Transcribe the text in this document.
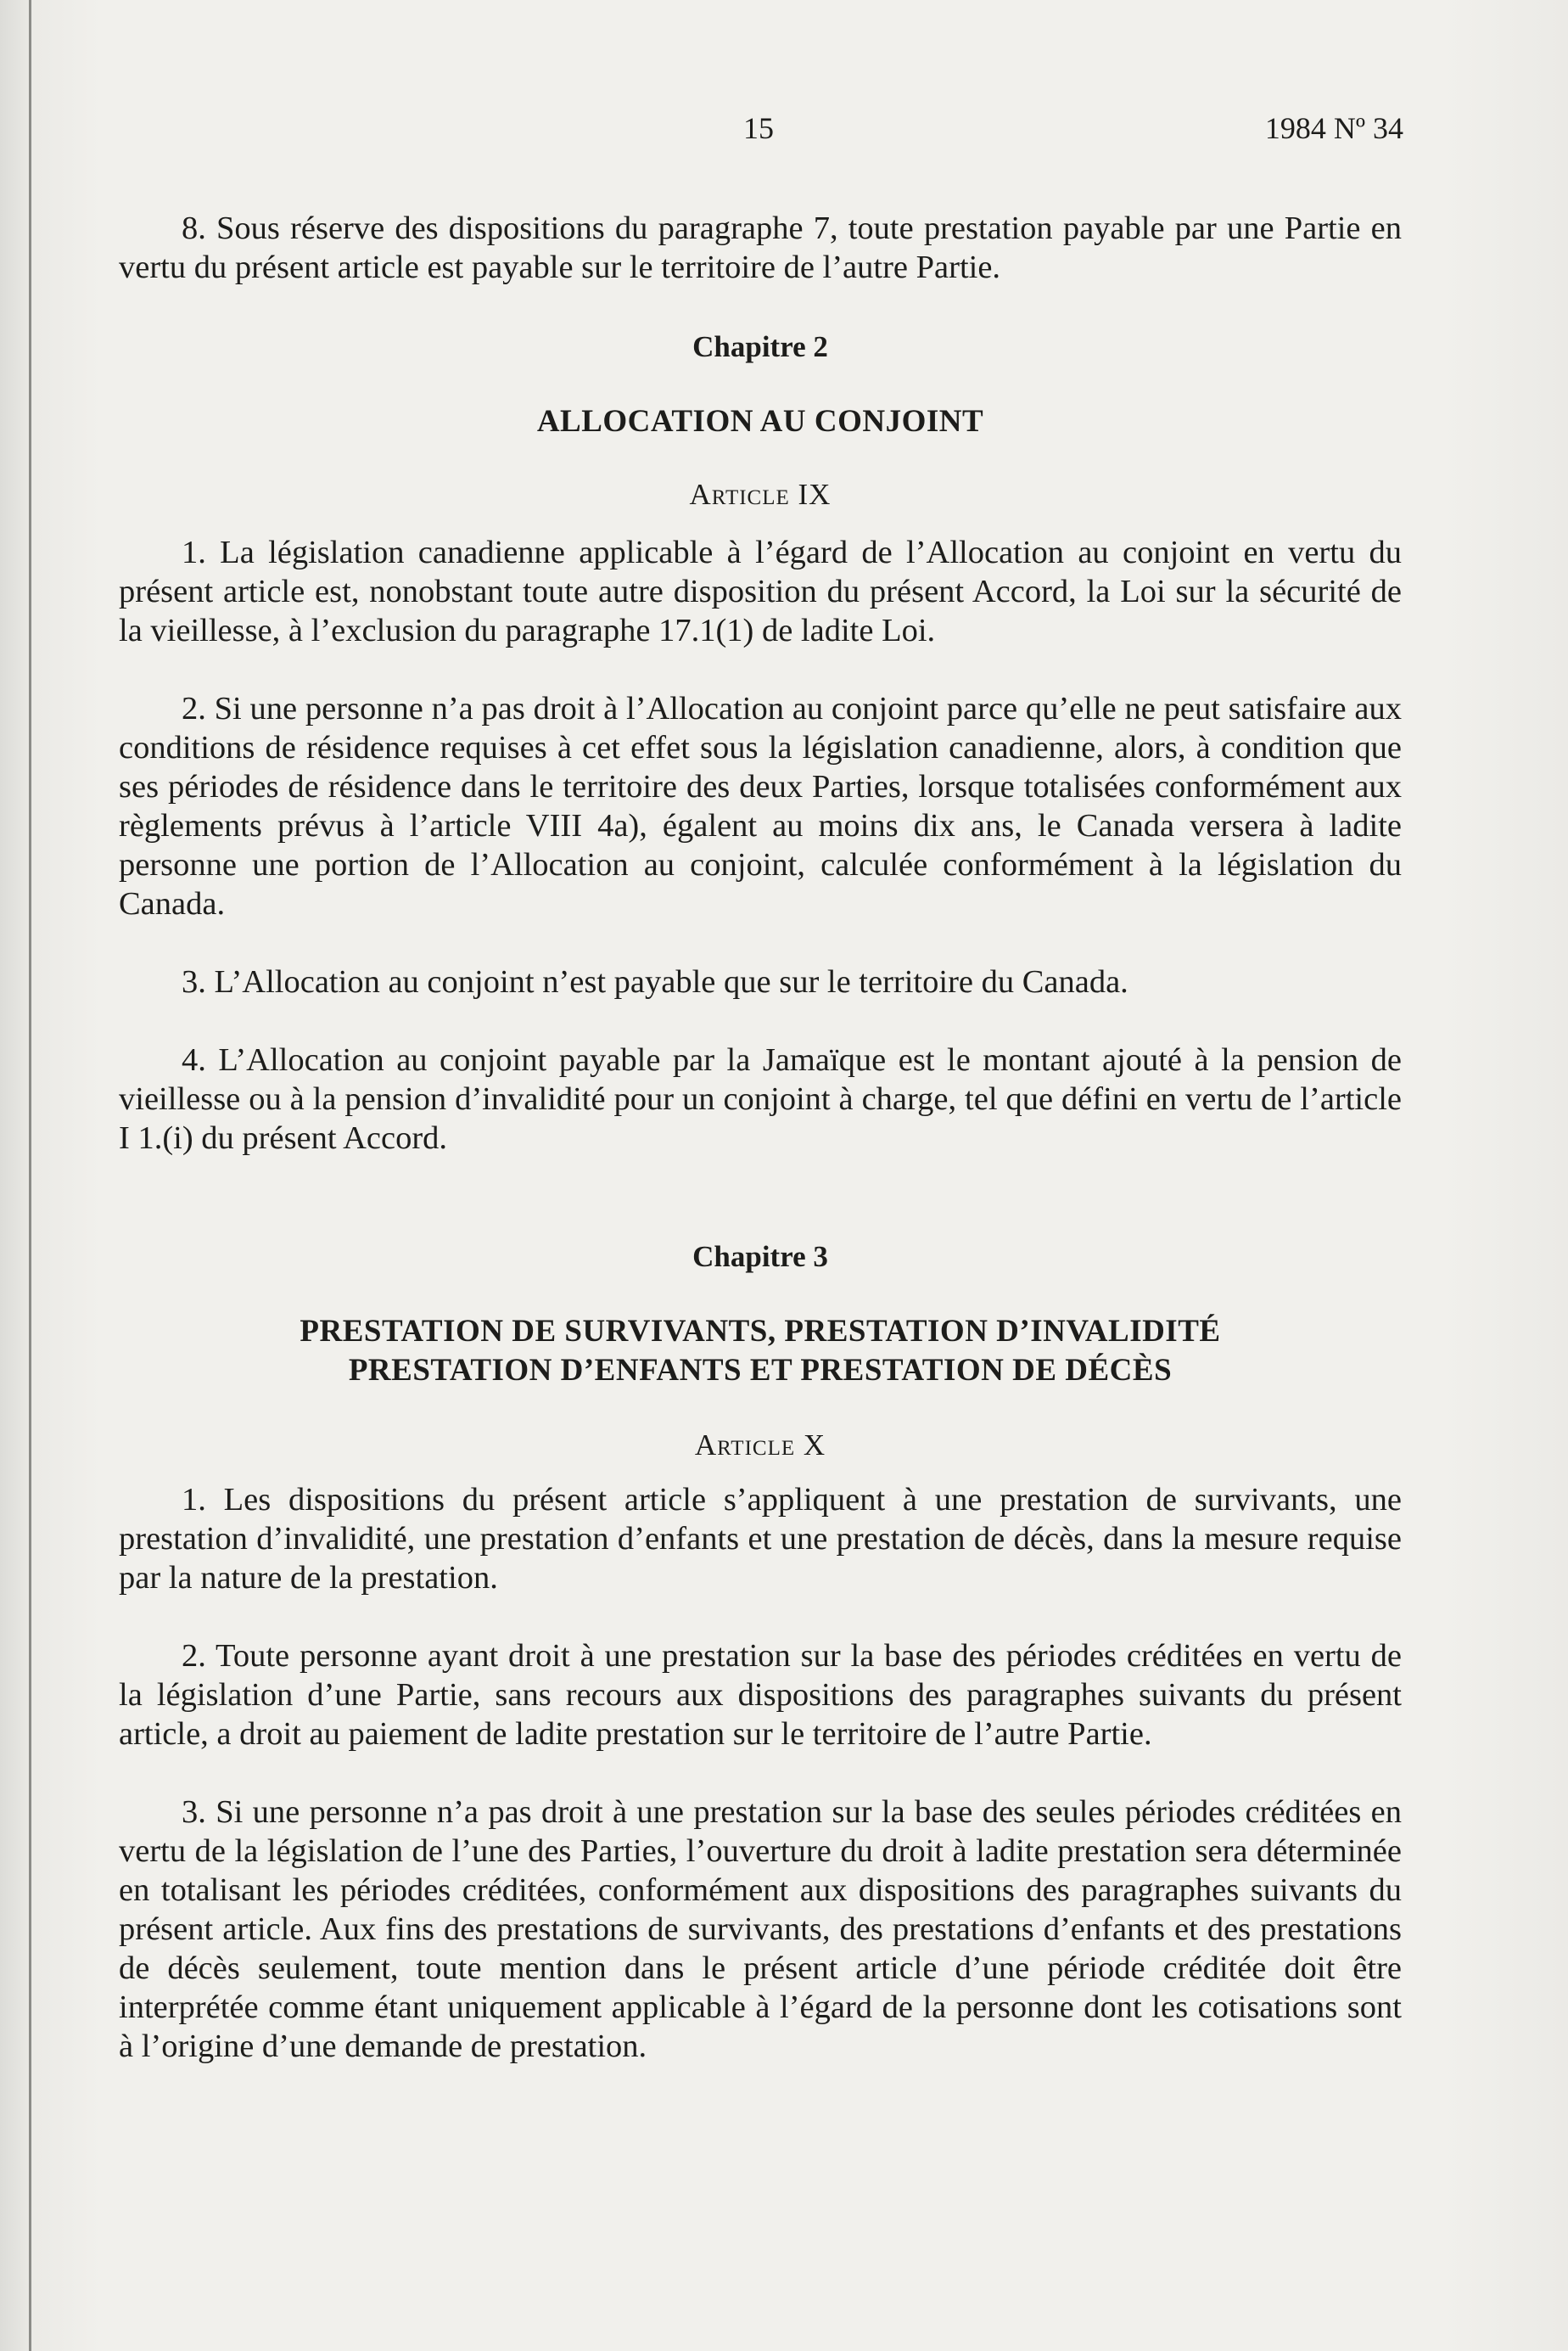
15	1984 Nº 34

8. Sous réserve des dispositions du paragraphe 7, toute prestation payable par une Partie en vertu du présent article est payable sur le territoire de l’autre Partie.

Chapitre 2

ALLOCATION AU CONJOINT

Article IX

1. La législation canadienne applicable à l’égard de l’Allocation au conjoint en vertu du présent article est, nonobstant toute autre disposition du présent Accord, la Loi sur la sécurité de la vieillesse, à l’exclusion du paragraphe 17.1(1) de ladite Loi.

2. Si une personne n’a pas droit à l’Allocation au conjoint parce qu’elle ne peut satisfaire aux conditions de résidence requises à cet effet sous la législation canadienne, alors, à condition que ses périodes de résidence dans le territoire des deux Parties, lorsque totalisées conformément aux règlements prévus à l’article VIII 4a), égalent au moins dix ans, le Canada versera à ladite personne une portion de l’Allocation au conjoint, calculée conformément à la législation du Canada.

3. L’Allocation au conjoint n’est payable que sur le territoire du Canada.

4. L’Allocation au conjoint payable par la Jamaïque est le montant ajouté à la pension de vieillesse ou à la pension d’invalidité pour un conjoint à charge, tel que défini en vertu de l’article I 1.(i) du présent Accord.

Chapitre 3

PRESTATION DE SURVIVANTS, PRESTATION D’INVALIDITÉ

PRESTATION D’ENFANTS ET PRESTATION DE DÉCÈS

Article X

1. Les dispositions du présent article s’appliquent à une prestation de survivants, une prestation d’invalidité, une prestation d’enfants et une prestation de décès, dans la mesure requise par la nature de la prestation.

2. Toute personne ayant droit à une prestation sur la base des périodes créditées en vertu de la législation d’une Partie, sans recours aux dispositions des paragraphes suivants du présent article, a droit au paiement de ladite prestation sur le territoire de l’autre Partie.

3. Si une personne n’a pas droit à une prestation sur la base des seules périodes créditées en vertu de la législation de l’une des Parties, l’ouverture du droit à ladite prestation sera déterminée en totalisant les périodes créditées, conformément aux dispositions des paragraphes suivants du présent article. Aux fins des prestations de survivants, des prestations d’enfants et des prestations de décès seulement, toute mention dans le présent article d’une période créditée doit être interprétée comme étant uniquement applicable à l’égard de la personne dont les cotisations sont à l’origine d’une demande de prestation.
